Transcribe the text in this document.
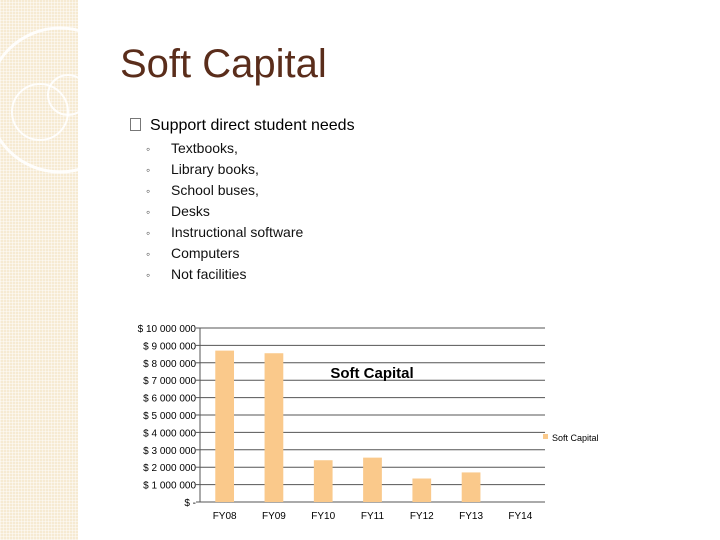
Soft Capital
Support direct student needs
◦ Textbooks,
◦ Library books,
◦ School buses,
◦ Desks
◦ Instructional software
◦ Computers
◦ Not facilities
$ -
$ 1 000 000
$ 2 000 000
$ 3 000 000
$ 4 000 000
$ 5 000 000
$ 6 000 000
$ 7 000 000
$ 8 000 000
$ 9 000 000
$ 10 000 000
FY08	FY09	FY10	FY11	FY12	FY13	FY14
Soft Capital
Soft Capital
